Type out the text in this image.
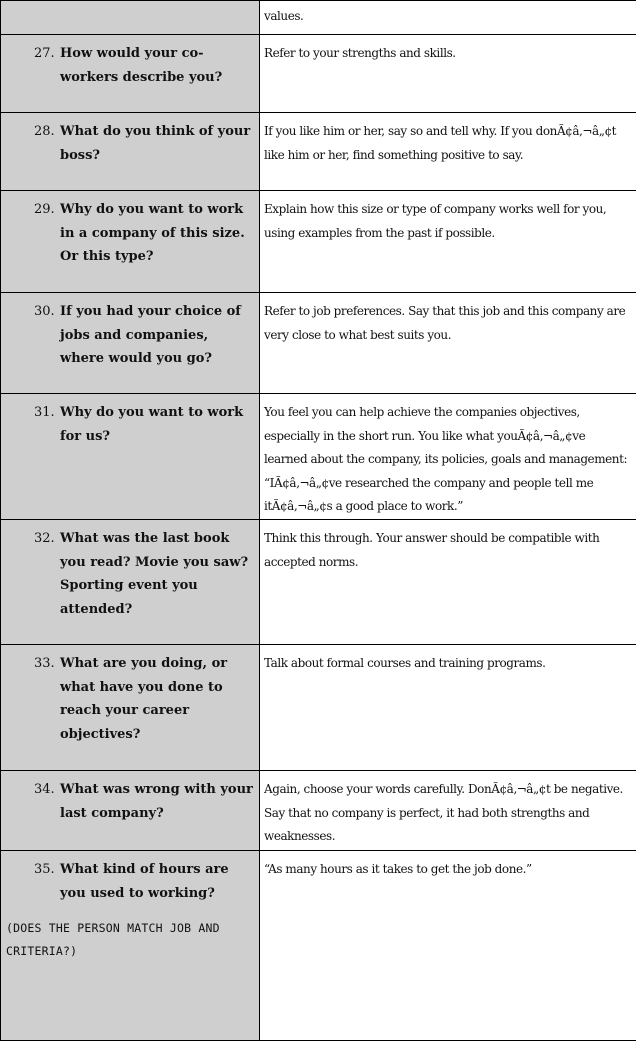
	values.

27. How would your co-workers describe you?	Refer to your strengths and skills.

28. What do you think of your boss?	If you like him or her, say so and tell why. If you donÃ¢â‚¬â„¢t like him or her, find something positive to say.

29. Why do you want to work in a company of this size. Or this type?	Explain how this size or type of company works well for you, using examples from the past if possible.

30. If you had your choice of jobs and companies, where would you go?	Refer to job preferences. Say that this job and this company are very close to what best suits you.

31. Why do you want to work for us?	You feel you can help achieve the companies objectives, especially in the short run. You like what youÃ¢â‚¬â„¢ve learned about the company, its policies, goals and management: “IÃ¢â‚¬â„¢ve researched the company and people tell me itÃ¢â‚¬â„¢s a good place to work.”

32. What was the last book you read? Movie you saw? Sporting event you attended?	Think this through. Your answer should be compatible with accepted norms.

33. What are you doing, or what have you done to reach your career objectives?	Talk about formal courses and training programs.

34. What was wrong with your last company?	Again, choose your words carefully. DonÃ¢â‚¬â„¢t be negative. Say that no company is perfect, it had both strengths and weaknesses.

35. What kind of hours are you used to working?
(DOES THE PERSON MATCH JOB AND CRITERIA?)	“As many hours as it takes to get the job done.”
